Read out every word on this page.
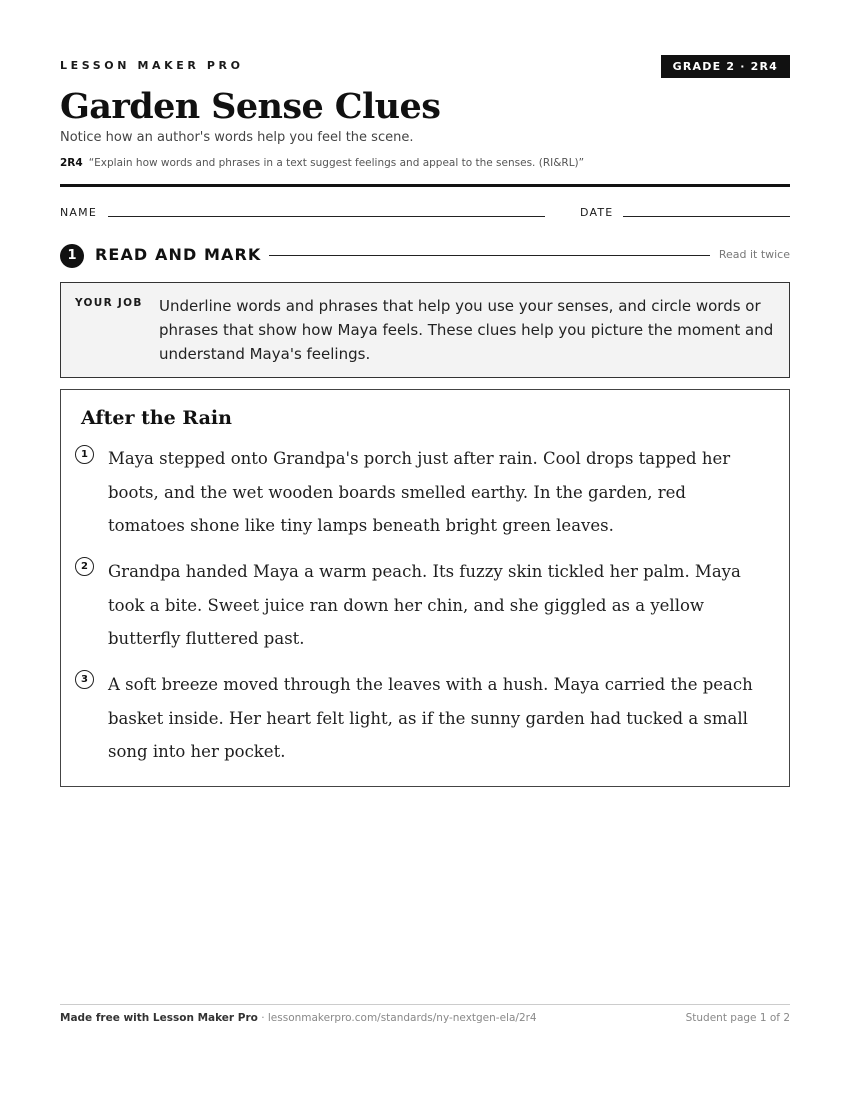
LESSON MAKER PRO	GRADE 2 · 2R4
Garden Sense Clues
Notice how an author's words help you feel the scene.
2R4 “Explain how words and phrases in a text suggest feelings and appeal to the senses. (RI&RL)”
NAME	DATE
1	READ AND MARK	Read it twice
YOUR JOB Underline words and phrases that help you use your senses, and circle words or phrases that show how Maya feels. These clues help you picture the moment and understand Maya's feelings.
After the Rain
1	Maya stepped onto Grandpa's porch just after rain. Cool drops tapped her boots, and the wet wooden boards smelled earthy. In the garden, red tomatoes shone like tiny lamps beneath bright green leaves.
2	Grandpa handed Maya a warm peach. Its fuzzy skin tickled her palm. Maya took a bite. Sweet juice ran down her chin, and she giggled as a yellow butterfly fluttered past.
3	A soft breeze moved through the leaves with a hush. Maya carried the peach basket inside. Her heart felt light, as if the sunny garden had tucked a small song into her pocket.
Made free with Lesson Maker Pro · lessonmakerpro.com/standards/ny-nextgen-ela/2r4	Student page 1 of 2
